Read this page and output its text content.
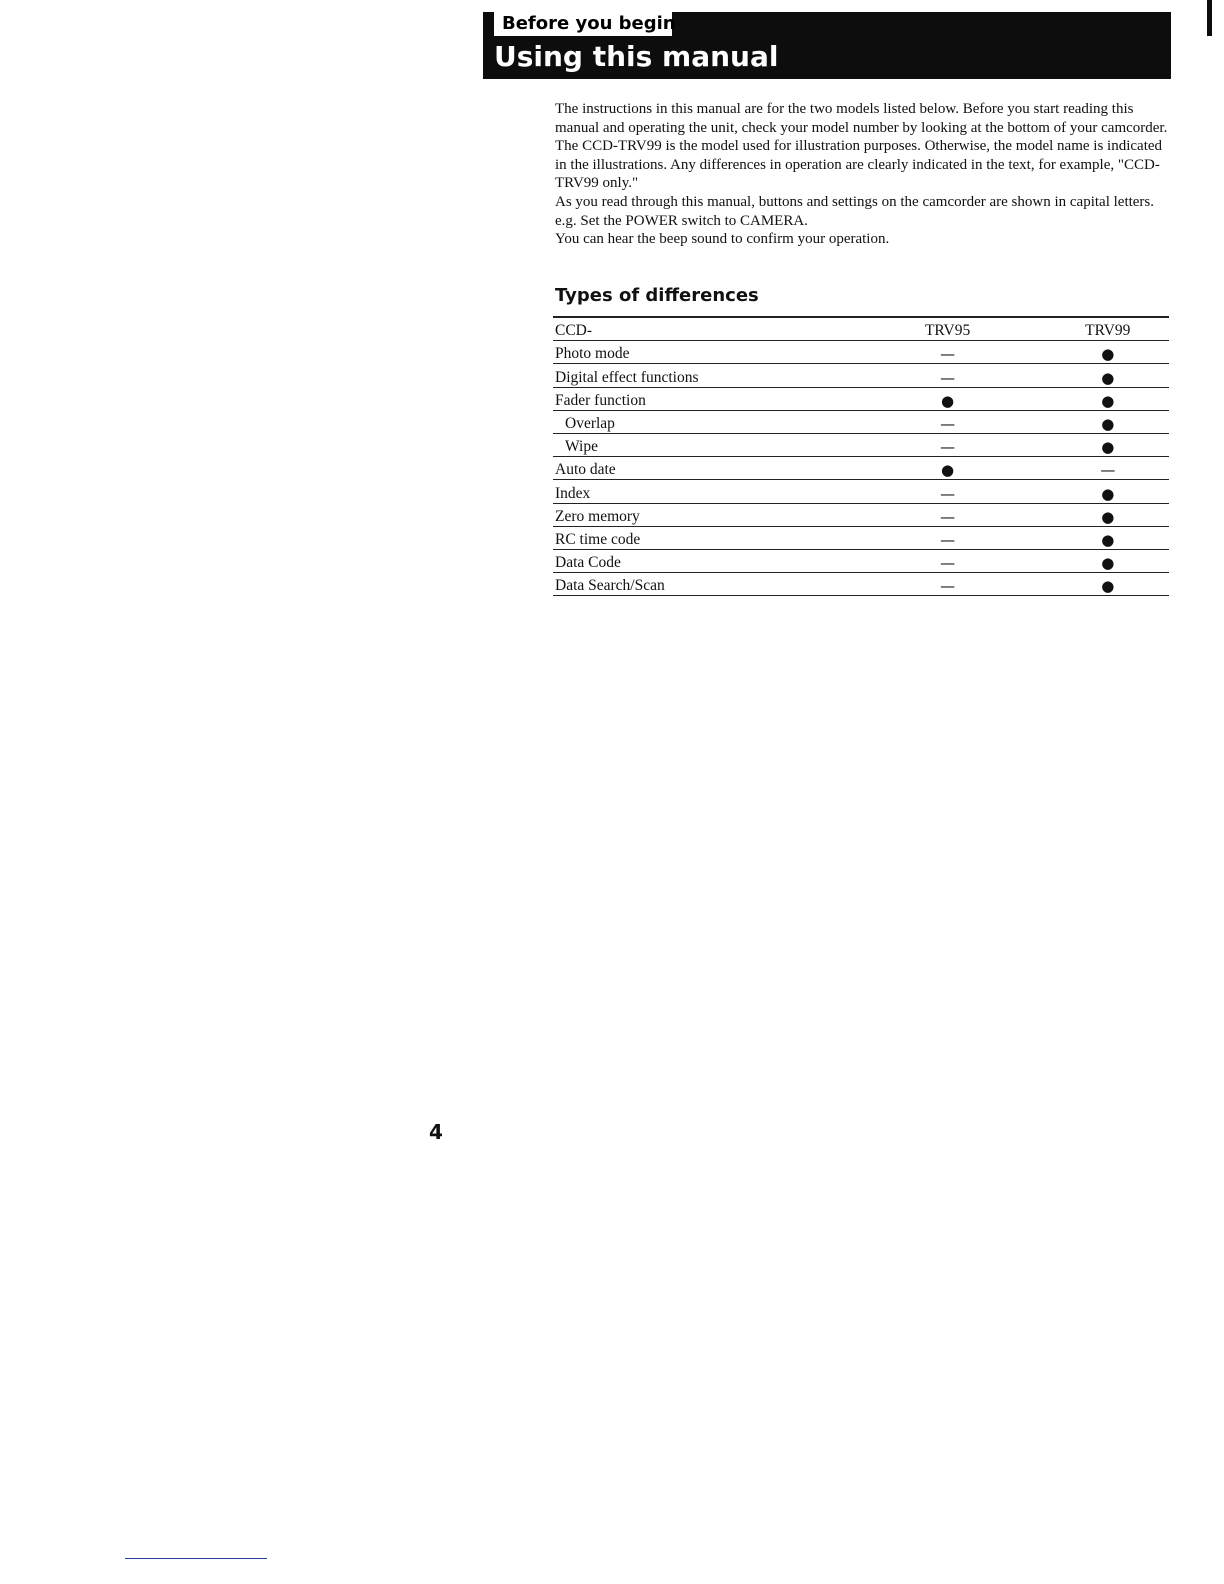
Before you begin
Using this manual

The instructions in this manual are for the two models listed below. Before you start reading this manual and operating the unit, check your model number by looking at the bottom of your camcorder. The CCD-TRV99 is the model used for illustration purposes. Otherwise, the model name is indicated in the illustrations. Any differences in operation are clearly indicated in the text, for example, "CCD-TRV99 only."

As you read through this manual, buttons and settings on the camcorder are shown in capital letters.

e.g. Set the POWER switch to CAMERA.

You can hear the beep sound to confirm your operation.

Types of differences
CCD-	TRV95	TRV99
Photo mode	—	●
Digital effect functions	—	●
Fader function	●	●
Overlap	—	●
Wipe	—	●
Auto date	●	—
Index	—	●
Zero memory	—	●
RC time code	—	●
Data Code	—	●
Data Search/Scan	—	●
4
